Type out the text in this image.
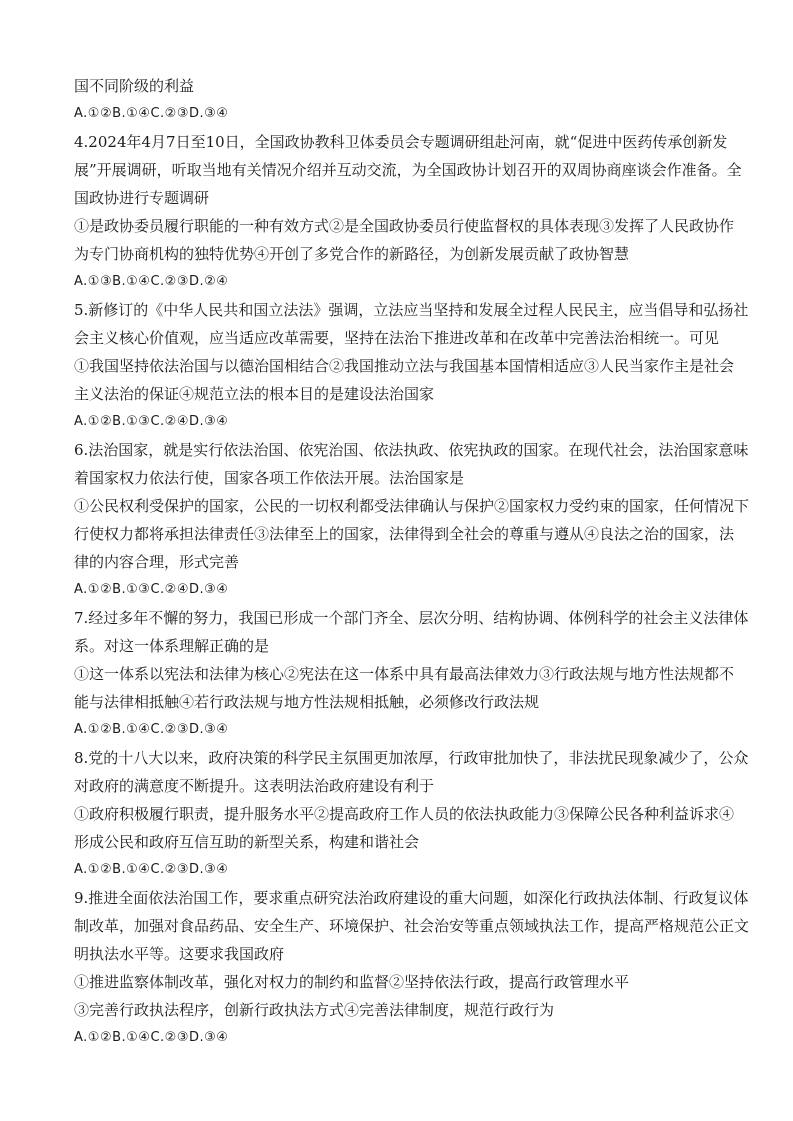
国不同阶级的利益
A.①②B.①④C.②③D.③④
4.2024年4月7日至10日，全国政协教科卫体委员会专题调研组赴河南，就“促进中医药传承创新发
展”开展调研，听取当地有关情况介绍并互动交流，为全国政协计划召开的双周协商座谈会作准备。全
国政协进行专题调研
①是政协委员履行职能的一种有效方式②是全国政协委员行使监督权的具体表现③发挥了人民政协作
为专门协商机构的独特优势④开创了多党合作的新路径，为创新发展贡献了政协智慧
A.①③B.①④C.②③D.②④
5.新修订的《中华人民共和国立法法》强调，立法应当坚持和发展全过程人民民主，应当倡导和弘扬社
会主义核心价值观，应当适应改革需要，坚持在法治下推进改革和在改革中完善法治相统一。可见
①我国坚持依法治国与以德治国相结合②我国推动立法与我国基本国情相适应③人民当家作主是社会
主义法治的保证④规范立法的根本目的是建设法治国家
A.①②B.①③C.②④D.③④
6.法治国家，就是实行依法治国、依宪治国、依法执政、依宪执政的国家。在现代社会，法治国家意味
着国家权力依法行使，国家各项工作依法开展。法治国家是
①公民权利受保护的国家，公民的一切权利都受法律确认与保护②国家权力受约束的国家，任何情况下
行使权力都将承担法律责任③法律至上的国家，法律得到全社会的尊重与遵从④良法之治的国家，法
律的内容合理，形式完善
A.①②B.①③C.②④D.③④
7.经过多年不懈的努力，我国已形成一个部门齐全、层次分明、结构协调、体例科学的社会主义法律体
系。对这一体系理解正确的是
①这一体系以宪法和法律为核心②宪法在这一体系中具有最高法律效力③行政法规与地方性法规都不
能与法律相抵触④若行政法规与地方性法规相抵触，必须修改行政法规
A.①②B.①④C.②③D.③④
8.党的十八大以来，政府决策的科学民主氛围更加浓厚，行政审批加快了，非法扰民现象减少了，公众
对政府的满意度不断提升。这表明法治政府建设有利于
①政府积极履行职责，提升服务水平②提高政府工作人员的依法执政能力③保障公民各种利益诉求④
形成公民和政府互信互助的新型关系，构建和谐社会
A.①②B.①④C.②③D.③④
9.推进全面依法治国工作，要求重点研究法治政府建设的重大问题，如深化行政执法体制、行政复议体
制改革，加强对食品药品、安全生产、环境保护、社会治安等重点领域执法工作，提高严格规范公正文
明执法水平等。这要求我国政府
①推进监察体制改革，强化对权力的制约和监督②坚持依法行政，提高行政管理水平
③完善行政执法程序，创新行政执法方式④完善法律制度，规范行政行为
A.①②B.①④C.②③D.③④
